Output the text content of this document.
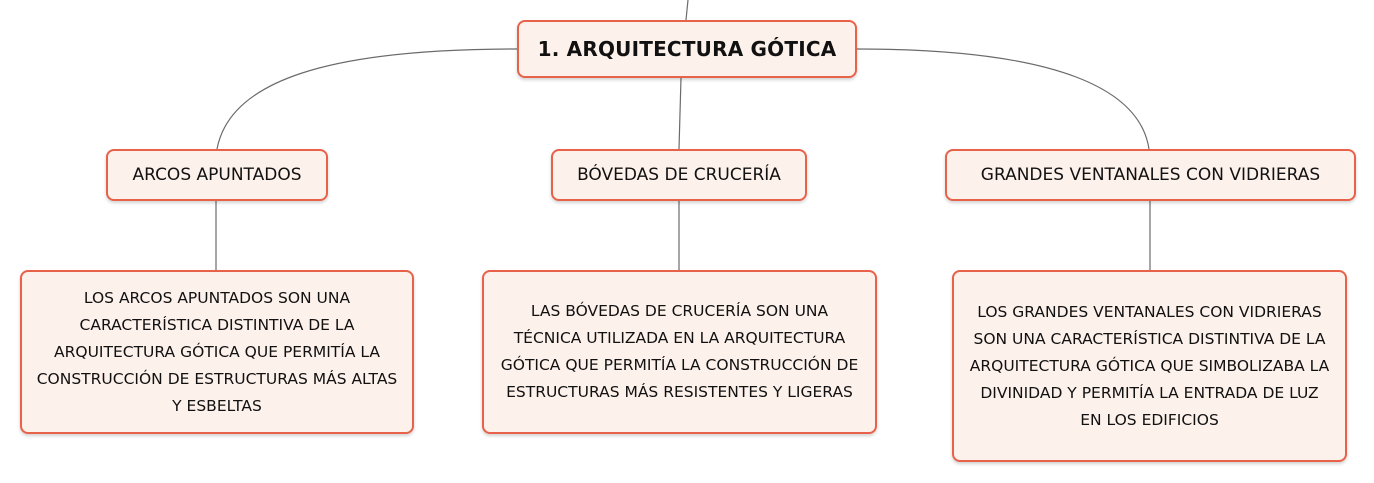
1. ARQUITECTURA GÓTICA
ARCOS APUNTADOS	BÓVEDAS DE CRUCERÍA	GRANDES VENTANALES CON VIDRIERAS
LOS ARCOS APUNTADOS SON UNA CARACTERÍSTICA DISTINTIVA DE LA ARQUITECTURA GÓTICA QUE PERMITÍA LA CONSTRUCCIÓN DE ESTRUCTURAS MÁS ALTAS Y ESBELTAS
LAS BÓVEDAS DE CRUCERÍA SON UNA TÉCNICA UTILIZADA EN LA ARQUITECTURA GÓTICA QUE PERMITÍA LA CONSTRUCCIÓN DE ESTRUCTURAS MÁS RESISTENTES Y LIGERAS
LOS GRANDES VENTANALES CON VIDRIERAS SON UNA CARACTERÍSTICA DISTINTIVA DE LA ARQUITECTURA GÓTICA QUE SIMBOLIZABA LA DIVINIDAD Y PERMITÍA LA ENTRADA DE LUZ EN LOS EDIFICIOS
